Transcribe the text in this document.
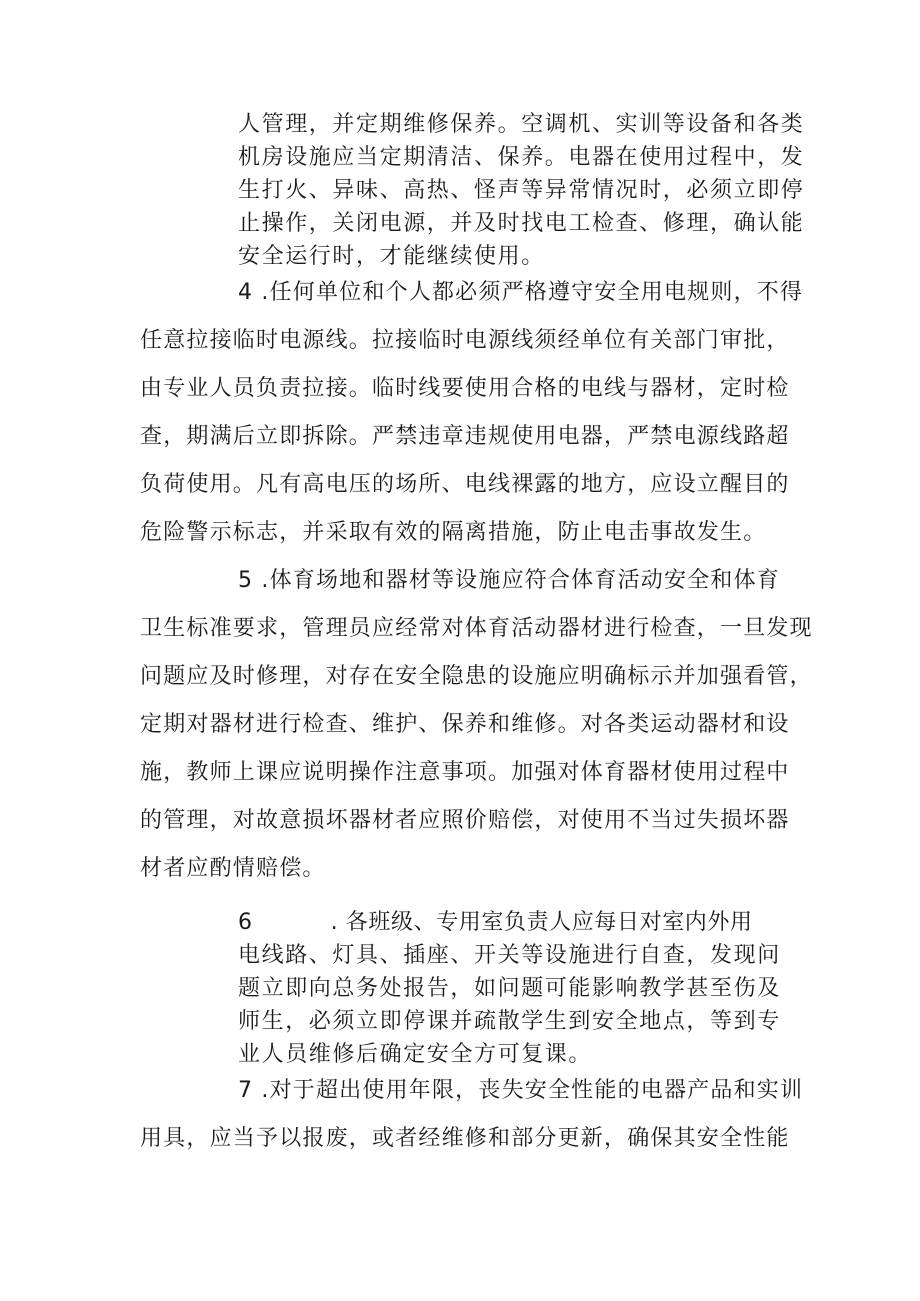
人管理，并定期维修保养。空调机、实训等设备和各类
机房设施应当定期清洁、保养。电器在使用过程中，发
生打火、异味、高热、怪声等异常情况时，必须立即停
止操作，关闭电源，并及时找电工检查、修理，确认能
安全运行时，才能继续使用。
4 .任何单位和个人都必须严格遵守安全用电规则，不得
任意拉接临时电源线。拉接临时电源线须经单位有关部门审批，
由专业人员负责拉接。临时线要使用合格的电线与器材，定时检
查，期满后立即拆除。严禁违章违规使用电器，严禁电源线路超
负荷使用。凡有高电压的场所、电线裸露的地方，应设立醒目的
危险警示标志，并采取有效的隔离措施，防止电击事故发生。
5 .体育场地和器材等设施应符合体育活动安全和体育
卫生标准要求，管理员应经常对体育活动器材进行检查，一旦发现
问题应及时修理，对存在安全隐患的设施应明确标示并加强看管，
定期对器材进行检查、维护、保养和维修。对各类运动器材和设
施，教师上课应说明操作注意事项。加强对体育器材使用过程中
的管理，对故意损坏器材者应照价赔偿，对使用不当过失损坏器
材者应酌情赔偿。
6	. 各班级、专用室负责人应每日对室内外用
电线路、灯具、插座、开关等设施进行自查，发现问
题立即向总务处报告，如问题可能影响教学甚至伤及
师生，必须立即停课并疏散学生到安全地点，等到专
业人员维修后确定安全方可复课。
7 .对于超出使用年限，丧失安全性能的电器产品和实训
用具，应当予以报废，或者经维修和部分更新，确保其安全性能
